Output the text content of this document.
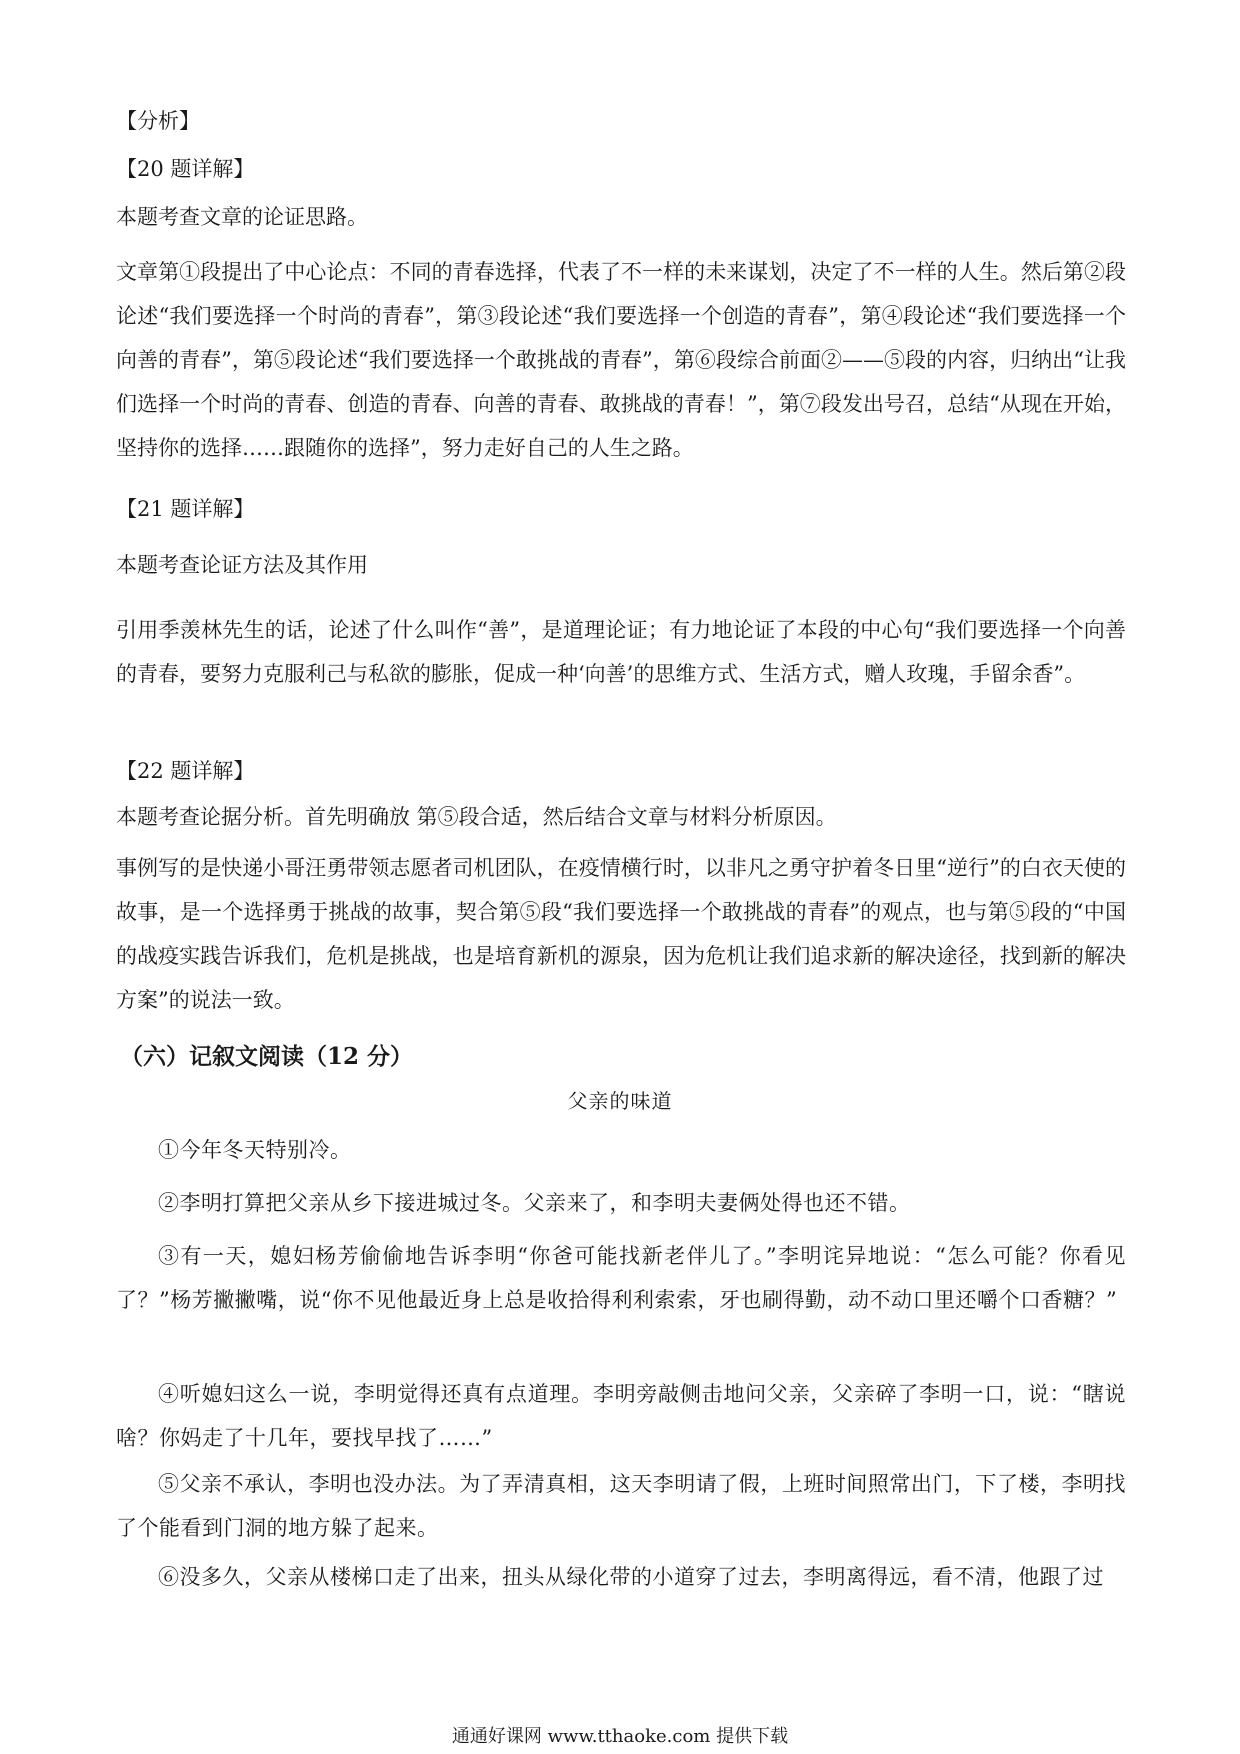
【分析】

【20 题详解】

本题考查文章的论证思路。

文章第①段提出了中心论点：不同的青春选择，代表了不一样的未来谋划，决定了不一样的人生。然后第②段论述“我们要选择一个时尚的青春”，第③段论述“我们要选择一个创造的青春”，第④段论述“我们要选择一个向善的青春”，第⑤段论述“我们要选择一个敢挑战的青春”，第⑥段综合前面②——⑤段的内容，归纳出“让我们选择一个时尚的青春、创造的青春、向善的青春、敢挑战的青春！”，第⑦段发出号召，总结“从现在开始，坚持你的选择……跟随你的选择”，努力走好自己的人生之路。

【21 题详解】

本题考查论证方法及其作用

引用季羡林先生的话，论述了什么叫作“善”，是道理论证；有力地论证了本段的中心句“我们要选择一个向善的青春，要努力克服利己与私欲的膨胀，促成一种‘向善’的思维方式、生活方式，赠人玫瑰，手留余香”。

【22 题详解】

本题考查论据分析。首先明确放 第⑤段合适，然后结合文章与材料分析原因。

事例写的是快递小哥汪勇带领志愿者司机团队，在疫情横行时，以非凡之勇守护着冬日里“逆行”的白衣天使的故事，是一个选择勇于挑战的故事，契合第⑤段“我们要选择一个敢挑战的青春”的观点，也与第⑤段的“中国的战疫实践告诉我们，危机是挑战，也是培育新机的源泉，因为危机让我们追求新的解决途径，找到新的解决方案”的说法一致。

（六）记叙文阅读（12 分）

父亲的味道

①今年冬天特别冷。

②李明打算把父亲从乡下接进城过冬。父亲来了，和李明夫妻俩处得也还不错。

③有一天，媳妇杨芳偷偷地告诉李明“你爸可能找新老伴儿了。”李明诧异地说：“怎么可能？你看见了？”杨芳撇撇嘴，说“你不见他最近身上总是收拾得利利索索，牙也刷得勤，动不动口里还嚼个口香糖？”

④听媳妇这么一说，李明觉得还真有点道理。李明旁敲侧击地问父亲，父亲碎了李明一口，说：“瞎说啥？你妈走了十几年，要找早找了……”

⑤父亲不承认，李明也没办法。为了弄清真相，这天李明请了假，上班时间照常出门，下了楼，李明找了个能看到门洞的地方躲了起来。

⑥没多久，父亲从楼梯口走了出来，扭头从绿化带的小道穿了过去，李明离得远，看不清，他跟了过

通通好课网 www.tthaoke.com 提供下载
